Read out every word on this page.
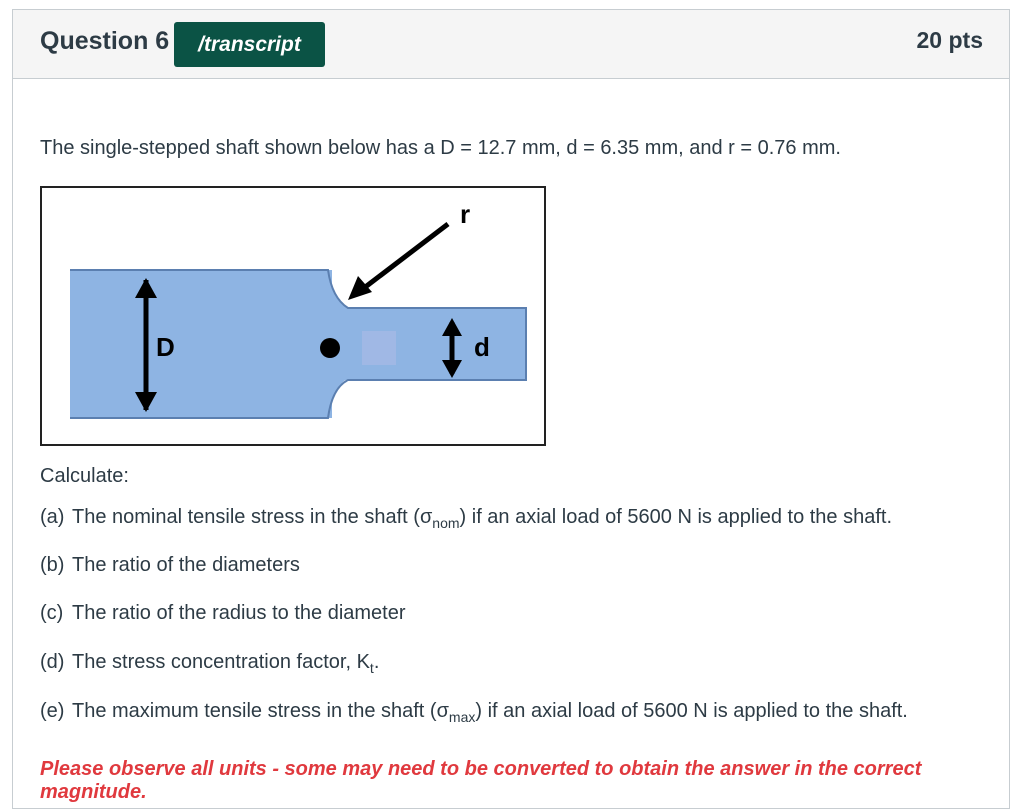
Question 6	/transcript	20 pts
The single-stepped shaft shown below has a D = 12.7 mm, d = 6.35 mm, and r = 0.76 mm.
r
D	d
Calculate:
(a) The nominal tensile stress in the shaft $(\sigma_{nom})$ if an axial load of 5600 N is applied to the shaft.
(b) The ratio of the diameters
(c) The ratio of the radius to the diameter
(d) The stress concentration factor, $K_t$.
(e) The maximum tensile stress in the shaft $(\sigma_{max})$ if an axial load of 5600 N is applied to the shaft.
Please observe all units - some may need to be converted to obtain the answer in the correct magnitude.
